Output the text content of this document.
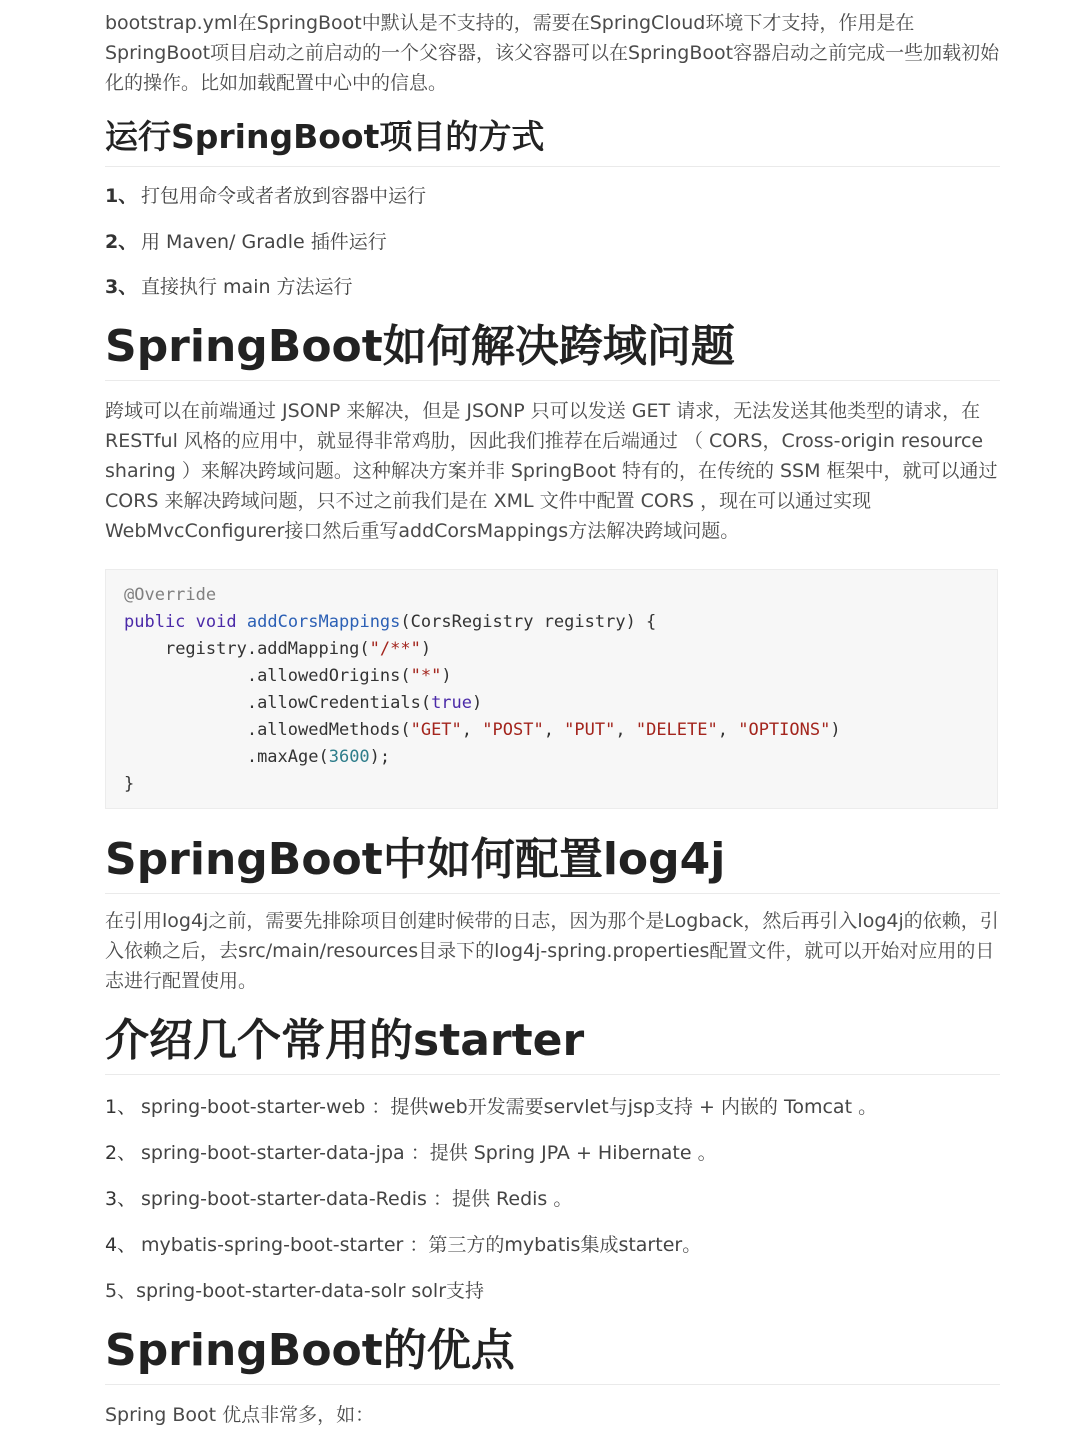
bootstrap.yml在SpringBoot中默认是不支持的，需要在SpringCloud环境下才支持，作用是在SpringBoot项目启动之前启动的一个父容器，该父容器可以在SpringBoot容器启动之前完成一些加载初始化的操作。比如加载配置中心中的信息。

运行SpringBoot项目的方式
1、 打包用命令或者者放到容器中运行
2、 用 Maven/ Gradle 插件运行
3、 直接执行 main 方法运行
SpringBoot如何解决跨域问题

跨域可以在前端通过 JSONP 来解决，但是 JSONP 只可以发送 GET 请求，无法发送其他类型的请求，在 RESTful 风格的应用中，就显得非常鸡肋，因此我们推荐在后端通过 （ CORS，Cross-origin resource sharing ）来解决跨域问题。这种解决方案并非 SpringBoot 特有的，在传统的 SSM 框架中，就可以通过 CORS 来解决跨域问题，只不过之前我们是在 XML 文件中配置 CORS ，现在可以通过实现WebMvcConfigurer接口然后重写addCorsMappings方法解决跨域问题。

@Override
public void addCorsMappings(CorsRegistry registry) {
registry.addMapping("/**")
.allowedOrigins("*")
.allowCredentials(true)
.allowedMethods("GET", "POST", "PUT", "DELETE", "OPTIONS")
.maxAge(3600);
}
SpringBoot中如何配置log4j

在引用log4j之前，需要先排除项目创建时候带的日志，因为那个是Logback，然后再引入log4j的依赖，引入依赖之后，去src/main/resources目录下的log4j-spring.properties配置文件，就可以开始对应用的日志进行配置使用。

介绍几个常用的starter
1、 spring-boot-starter-web ：提供web开发需要servlet与jsp支持 + 内嵌的 Tomcat 。
2、 spring-boot-starter-data-jpa ：提供 Spring JPA + Hibernate 。
3、 spring-boot-starter-data-Redis ：提供 Redis 。
4、 mybatis-spring-boot-starter ：第三方的mybatis集成starter。
5、spring-boot-starter-data-solr solr支持
SpringBoot的优点

Spring Boot 优点非常多，如：
